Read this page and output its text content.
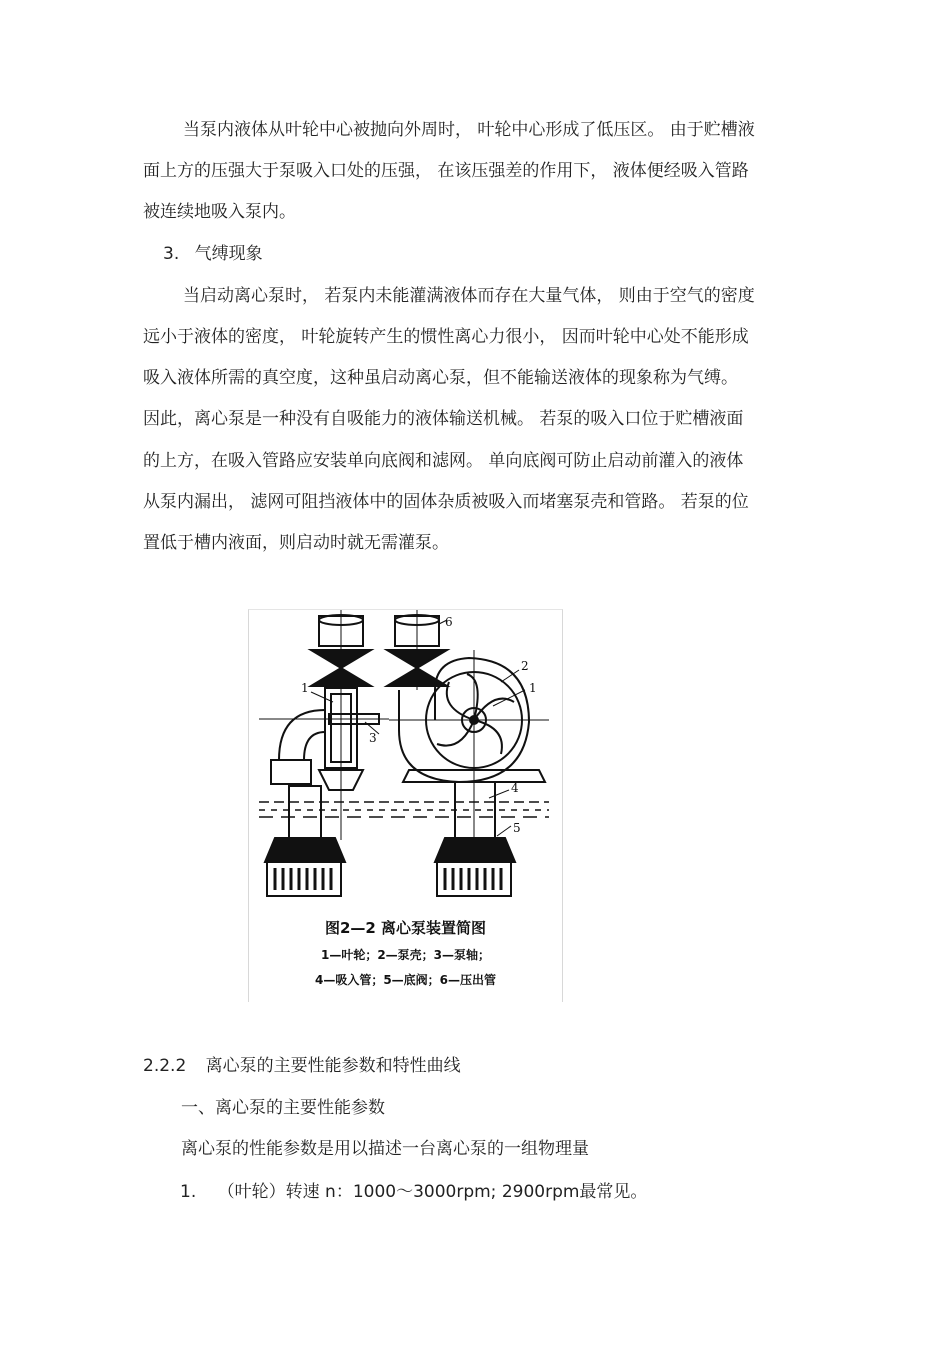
当泵内液体从叶轮中心被抛向外周时， 叶轮中心形成了低压区。 由于贮槽液
面上方的压强大于泵吸入口处的压强， 在该压强差的作用下， 液体便经吸入管路
被连续地吸入泵内。
3. 气缚现象
当启动离心泵时， 若泵内未能灌满液体而存在大量气体， 则由于空气的密度
远小于液体的密度， 叶轮旋转产生的惯性离心力很小， 因而叶轮中心处不能形成
吸入液体所需的真空度，这种虽启动离心泵，但不能输送液体的现象称为气缚。
因此，离心泵是一种没有自吸能力的液体输送机械。 若泵的吸入口位于贮槽液面
的上方，在吸入管路应安装单向底阀和滤网。 单向底阀可防止启动前灌入的液体
从泵内漏出， 滤网可阻挡液体中的固体杂质被吸入而堵塞泵壳和管路。 若泵的位
置低于槽内液面，则启动时就无需灌泵。
1
2
1
3
4
5
6
图2—2 离心泵装置简图
1—叶轮；2—泵壳；3—泵轴；
4—吸入管；5—底阀；6—压出管
2.2.2 离心泵的主要性能参数和特性曲线
一、离心泵的主要性能参数
离心泵的性能参数是用以描述一台离心泵的一组物理量
1. （叶轮）转速 n：1000～3000rpm; 2900rpm最常见。
